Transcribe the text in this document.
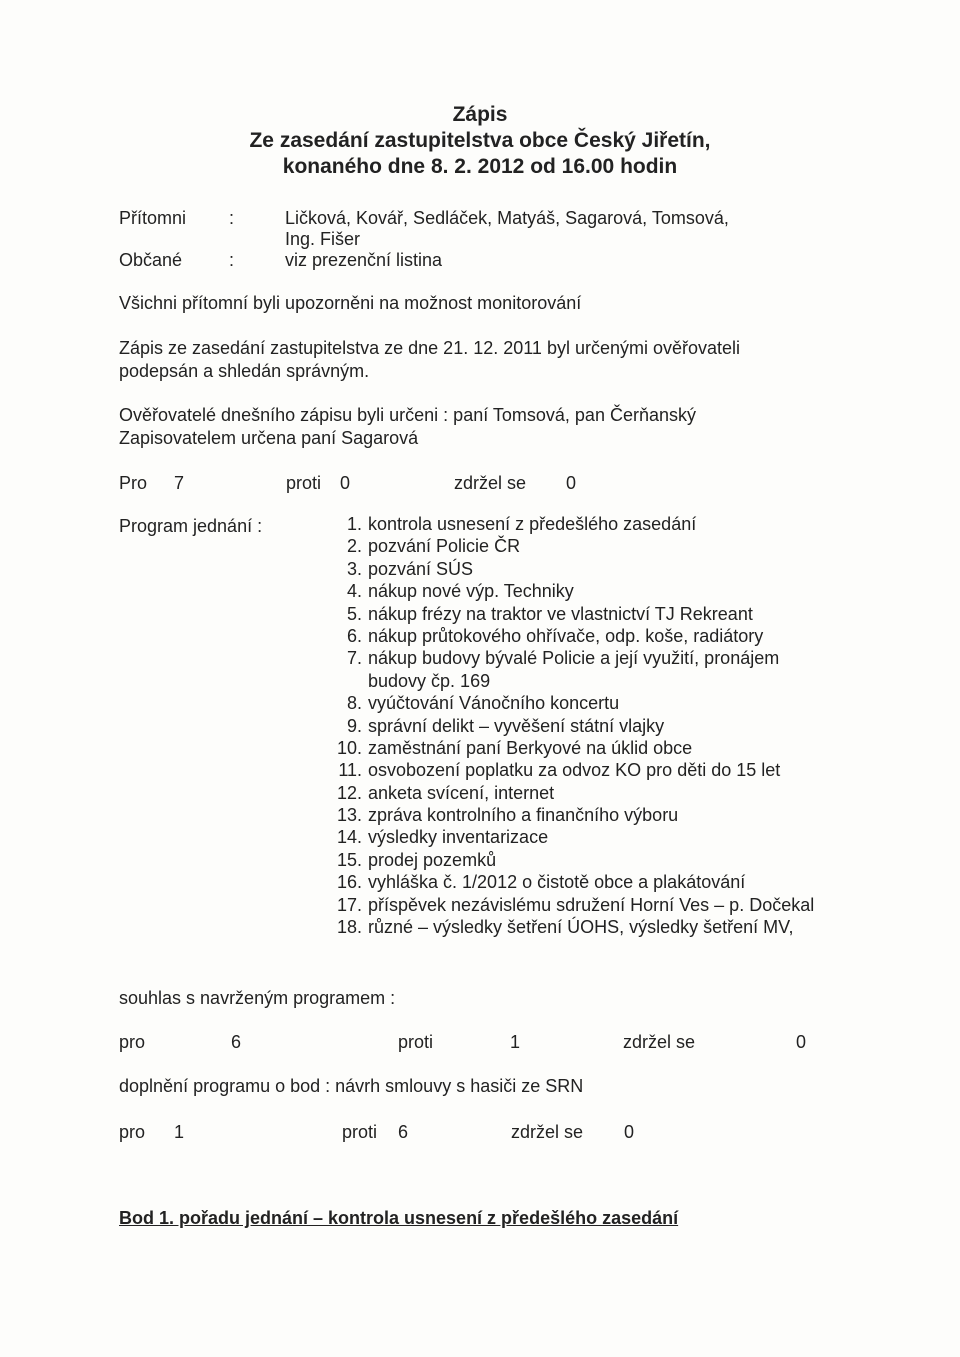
Zápis
Ze zasedání zastupitelstva obce Český Jiřetín,
konaného dne 8. 2. 2012 od 16.00 hodin
Přítomni :	Ličková, Kovář, Sedláček, Matyáš, Sagarová, Tomsová,
Ing. Fišer
Občané	:	viz prezenční listina
Všichni přítomní byli upozorněni na možnost monitorování
Zápis ze zasedání zastupitelstva ze dne 21. 12. 2011 byl určenými ověřovateli
podepsán a shledán správným.
Ověřovatelé dnešního zápisu byli určeni : paní Tomsová, pan Čerňanský
Zapisovatelem určena paní Sagarová
Pro 7	proti 0	zdržel se 0
Program jednání :	1. kontrola usnesení z předešlého zasedání
2. pozvání Policie ČR
3. pozvání SÚS
4. nákup nové výp. Techniky
5. nákup frézy na traktor ve vlastnictví TJ Rekreant
6. nákup průtokového ohřívače, odp. koše, radiátory
7. nákup budovy bývalé Policie a její využití, pronájem
budovy čp. 169
8. vyúčtování Vánočního koncertu
9. správní delikt – vyvěšení státní vlajky
10. zaměstnání paní Berkyové na úklid obce
11. osvobození poplatku za odvoz KO pro děti do 15 let
12. anketa svícení, internet
13. zpráva kontrolního a finančního výboru
14. výsledky inventarizace
15. prodej pozemků
16. vyhláška č. 1/2012 o čistotě obce a plakátování
17. příspěvek nezávislému sdružení Horní Ves – p. Dočekal
18. různé – výsledky šetření ÚOHS, výsledky šetření MV,
souhlas s navrženým programem :
pro	6	proti	1	zdržel se	0
doplnění programu o bod : návrh smlouvy s hasiči ze SRN
pro 1	proti 6	zdržel se 0
Bod 1. pořadu jednání – kontrola usnesení z předešlého zasedání
